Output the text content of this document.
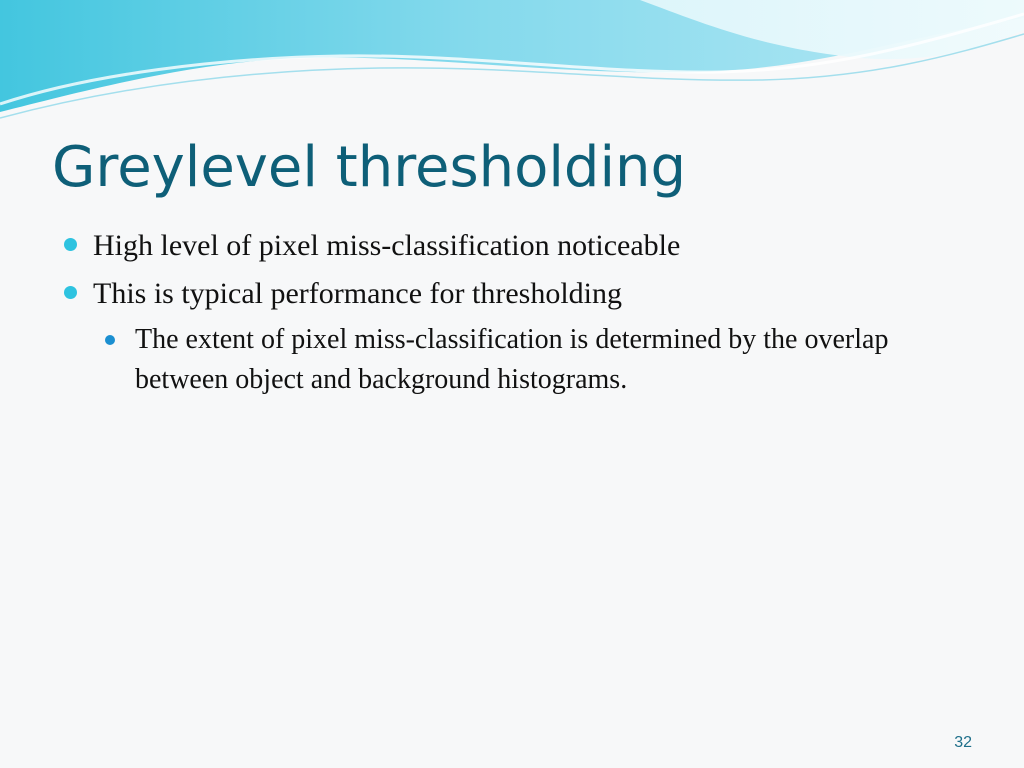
Greylevel thresholding
High level of pixel miss-classification noticeable
This is typical performance for thresholding
The extent of pixel miss-classification is determined by the overlap between object and background histograms.
32
